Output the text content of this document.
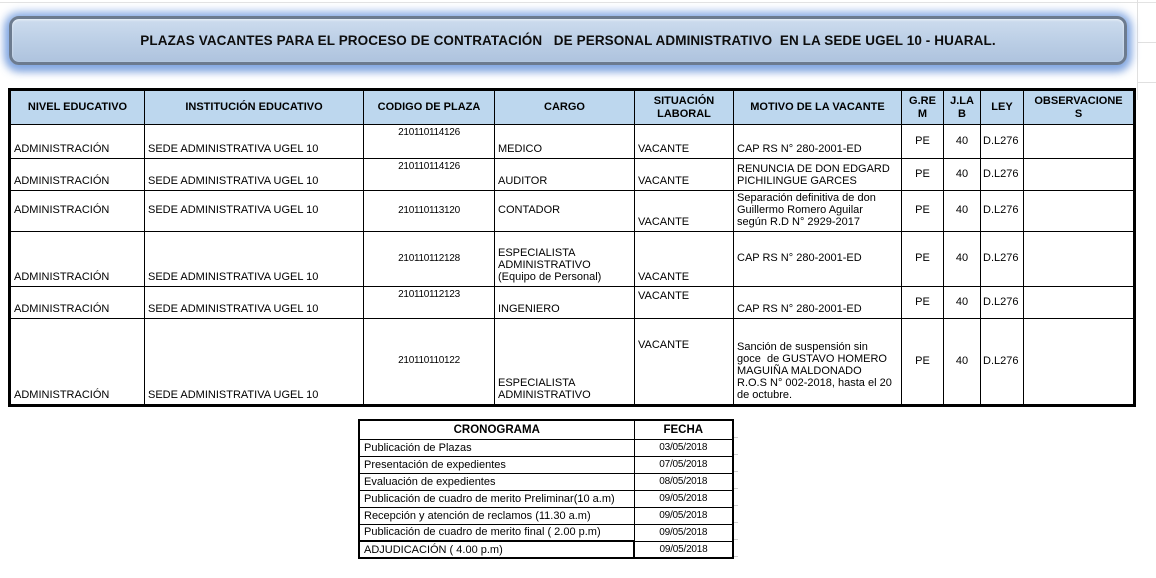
PLAZAS VACANTES PARA EL PROCESO DE CONTRATACIÓN   DE PERSONAL ADMINISTRATIVO  EN LA SEDE UGEL 10 - HUARAL.
NIVEL EDUCATIVO	INSTITUCIÓN EDUCATIVO	CODIGO DE PLAZA	CARGO	SITUACIÓN LABORAL	MOTIVO DE LA VACANTE	G.REM	J.LAB	LEY	OBSERVACIONES
ADMINISTRACIÓN	SEDE ADMINISTRATIVA UGEL 10	210110114126	MEDICO	VACANTE	CAP RS N° 280-2001-ED	PE	40	D.L276	
ADMINISTRACIÓN	SEDE ADMINISTRATIVA UGEL 10	210110114126	AUDITOR	VACANTE	RENUNCIA DE DON EDGARD PICHILINGUE GARCES	PE	40	D.L276	
ADMINISTRACIÓN	SEDE ADMINISTRATIVA UGEL 10	210110113120	CONTADOR	VACANTE	Separación definitiva de don Guillermo Romero Aguilar según R.D N° 2929-2017	PE	40	D.L276	
ADMINISTRACIÓN	SEDE ADMINISTRATIVA UGEL 10	210110112128	ESPECIALISTA ADMINISTRATIVO (Equipo de Personal)	VACANTE	CAP RS N° 280-2001-ED	PE	40	D.L276	
ADMINISTRACIÓN	SEDE ADMINISTRATIVA UGEL 10	210110112123	INGENIERO	VACANTE	CAP RS N° 280-2001-ED	PE	40	D.L276	
ADMINISTRACIÓN	SEDE ADMINISTRATIVA UGEL 10	210110110122	ESPECIALISTA ADMINISTRATIVO	VACANTE	Sanción de suspensión sin goce  de GUSTAVO HOMERO MAGUIÑA MALDONADO R.O.S N° 002-2018, hasta el 20 de octubre.	PE	40	D.L276	
CRONOGRAMA	FECHA
Publicación de Plazas	03/05/2018
Presentación de expedientes	07/05/2018
Evaluación de expedientes	08/05/2018
Publicación de cuadro de merito Preliminar(10 a.m)	09/05/2018
Recepción y atención de reclamos (11.30 a.m)	09/05/2018
Publicación de cuadro de merito final ( 2.00 p.m)	09/05/2018
ADJUDICACIÓN ( 4.00 p.m)	09/05/2018
